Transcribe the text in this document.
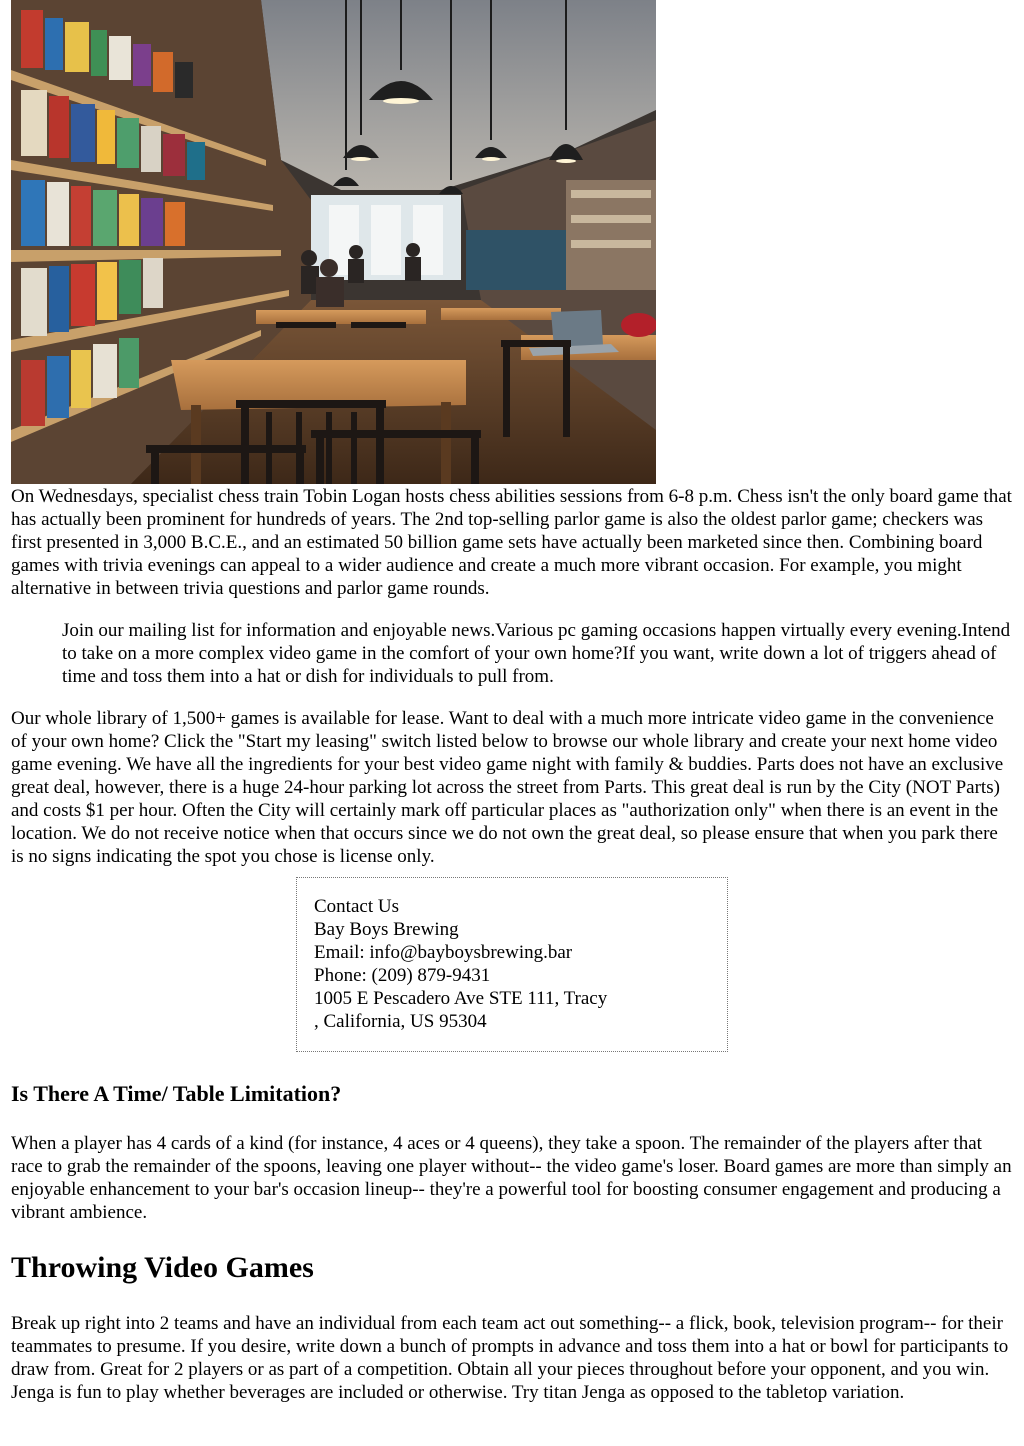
On Wednesdays, specialist chess train Tobin Logan hosts chess abilities sessions from 6-8 p.m. Chess isn't the only board game that has actually been prominent for hundreds of years. The 2nd top-selling parlor game is also the oldest parlor game; checkers was first presented in 3,000 B.C.E., and an estimated 50 billion game sets have actually been marketed since then. Combining board games with trivia evenings can appeal to a wider audience and create a much more vibrant occasion. For example, you might alternative in between trivia questions and parlor game rounds.

Join our mailing list for information and enjoyable news.Various pc gaming occasions happen virtually every evening.Intend to take on a more complex video game in the comfort of your own home?If you want, write down a lot of triggers ahead of time and toss them into a hat or dish for individuals to pull from.

Our whole library of 1,500+ games is available for lease. Want to deal with a much more intricate video game in the convenience of your own home? Click the "Start my leasing" switch listed below to browse our whole library and create your next home video game evening. We have all the ingredients for your best video game night with family & buddies. Parts does not have an exclusive great deal, however, there is a huge 24-hour parking lot across the street from Parts. This great deal is run by the City (NOT Parts) and costs $1 per hour. Often the City will certainly mark off particular places as "authorization only" when there is an event in the location. We do not receive notice when that occurs since we do not own the great deal, so please ensure that when you park there is no signs indicating the spot you chose is license only.

Contact Us
Bay Boys Brewing
Email: info@bayboysbrewing.bar
Phone: (209) 879-9431
1005 E Pescadero Ave STE 111, Tracy
, California, US 95304
Is There A Time/ Table Limitation?

When a player has 4 cards of a kind (for instance, 4 aces or 4 queens), they take a spoon. The remainder of the players after that race to grab the remainder of the spoons, leaving one player without-- the video game's loser. Board games are more than simply an enjoyable enhancement to your bar's occasion lineup-- they're a powerful tool for boosting consumer engagement and producing a vibrant ambience.

Throwing Video Games

Break up right into 2 teams and have an individual from each team act out something-- a flick, book, television program-- for their teammates to presume. If you desire, write down a bunch of prompts in advance and toss them into a hat or bowl for participants to draw from. Great for 2 players or as part of a competition. Obtain all your pieces throughout before your opponent, and you win. Jenga is fun to play whether beverages are included or otherwise. Try titan Jenga as opposed to the tabletop variation.
